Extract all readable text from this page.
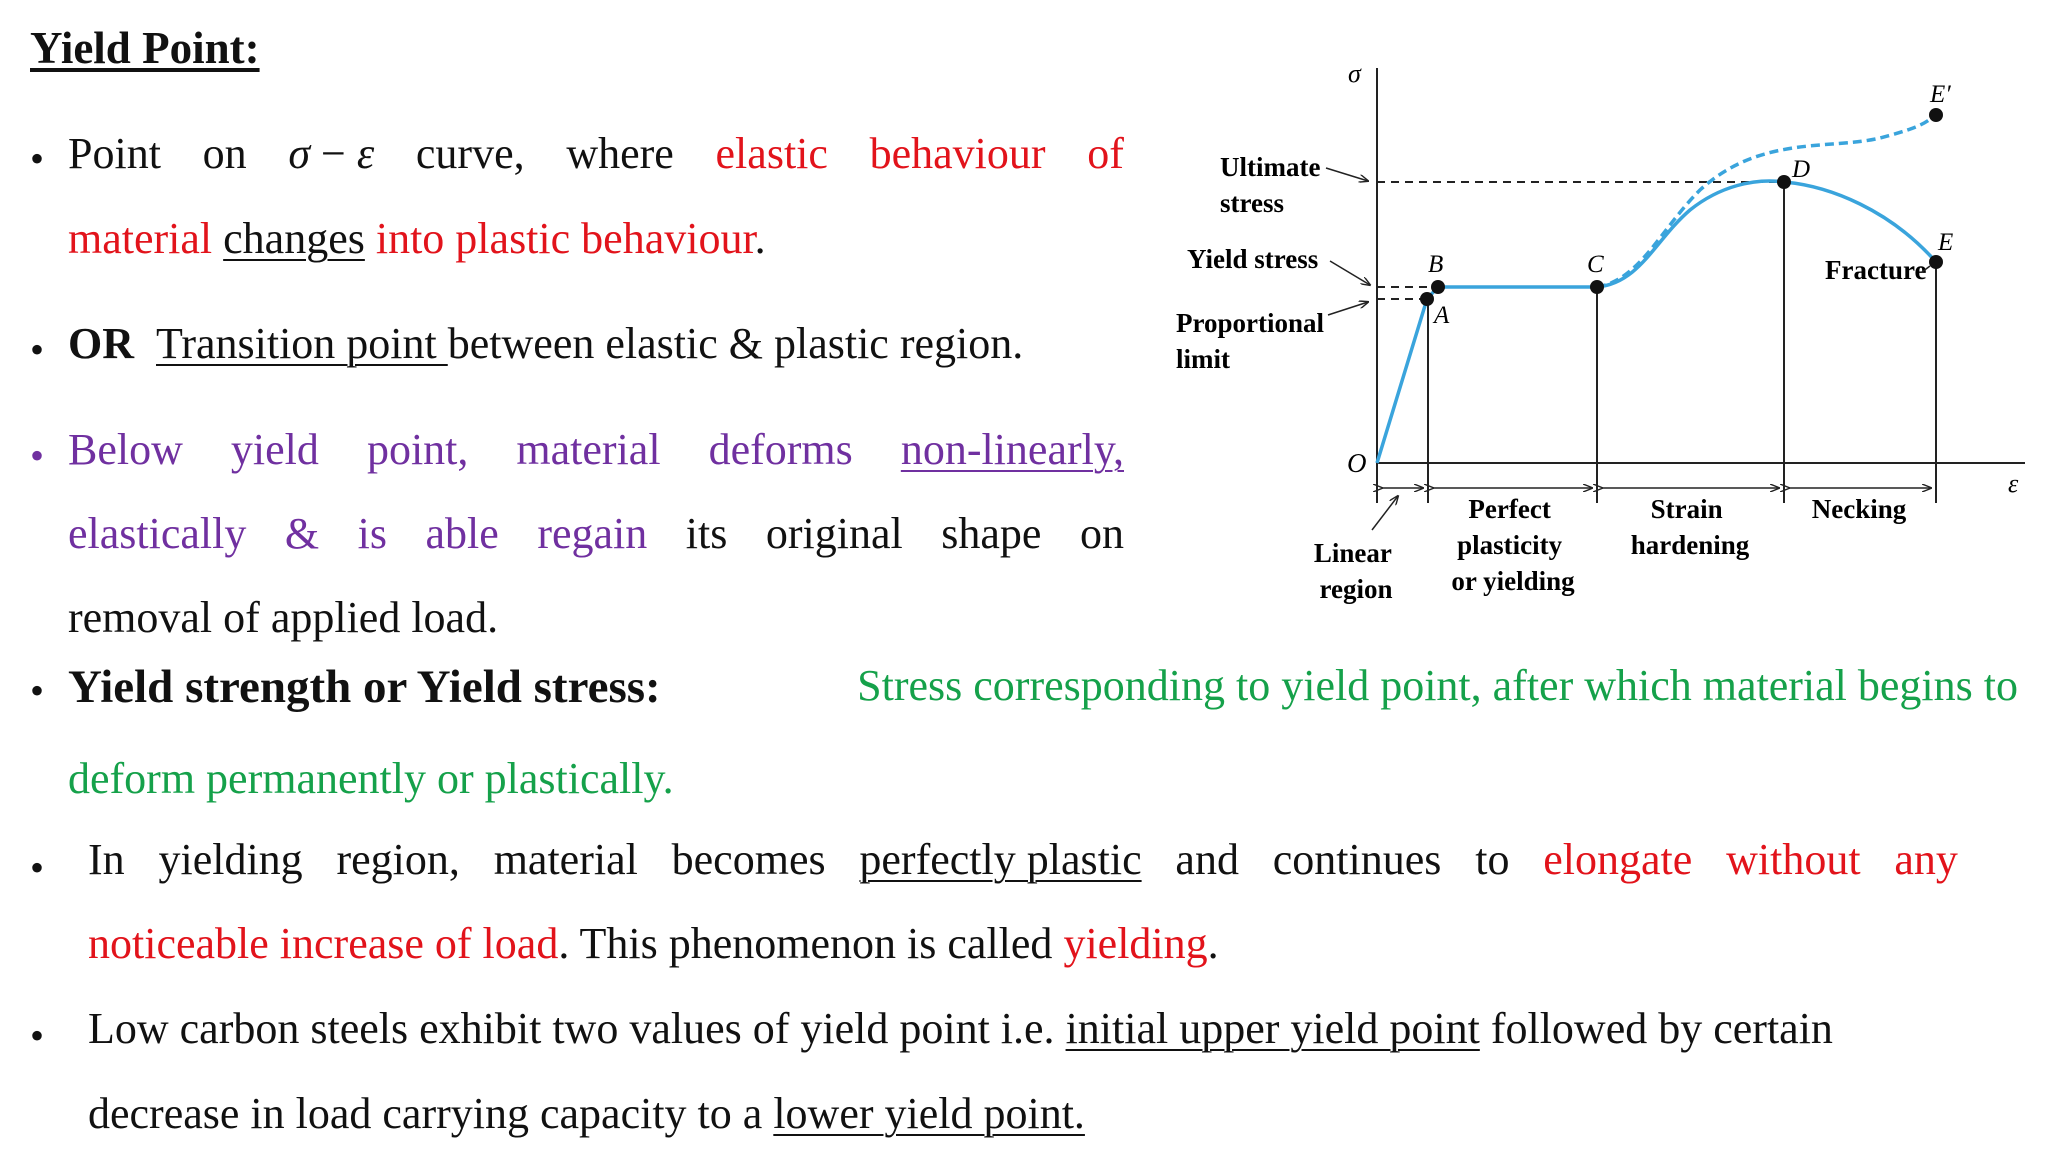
Yield Point:
• Point on σ − ε curve, where elastic behaviour of
material changes into plastic behaviour.
• OR Transition point between elastic & plastic region.
• Below yield point, material deforms non-linearly,
elastically & is able regain its original shape on
removal of applied load.
• Yield strength or Yield stress:	Stress corresponding to yield point, after which material begins to
deform permanently or plastically.
• In yielding region, material becomes perfectly plastic and continues to elongate without any
noticeable increase of load. This phenomenon is called yielding.
• Low carbon steels exhibit two values of yield point i.e. initial upper yield point followed by certain
decrease in load carrying capacity to a lower yield point.
σ
ε
O
Ultimate stress
Yield stress
Proportional limit
A
B	C
D
E
E′
Fracture
Linear region
Perfect plasticity or yielding
Strain hardening
Necking
